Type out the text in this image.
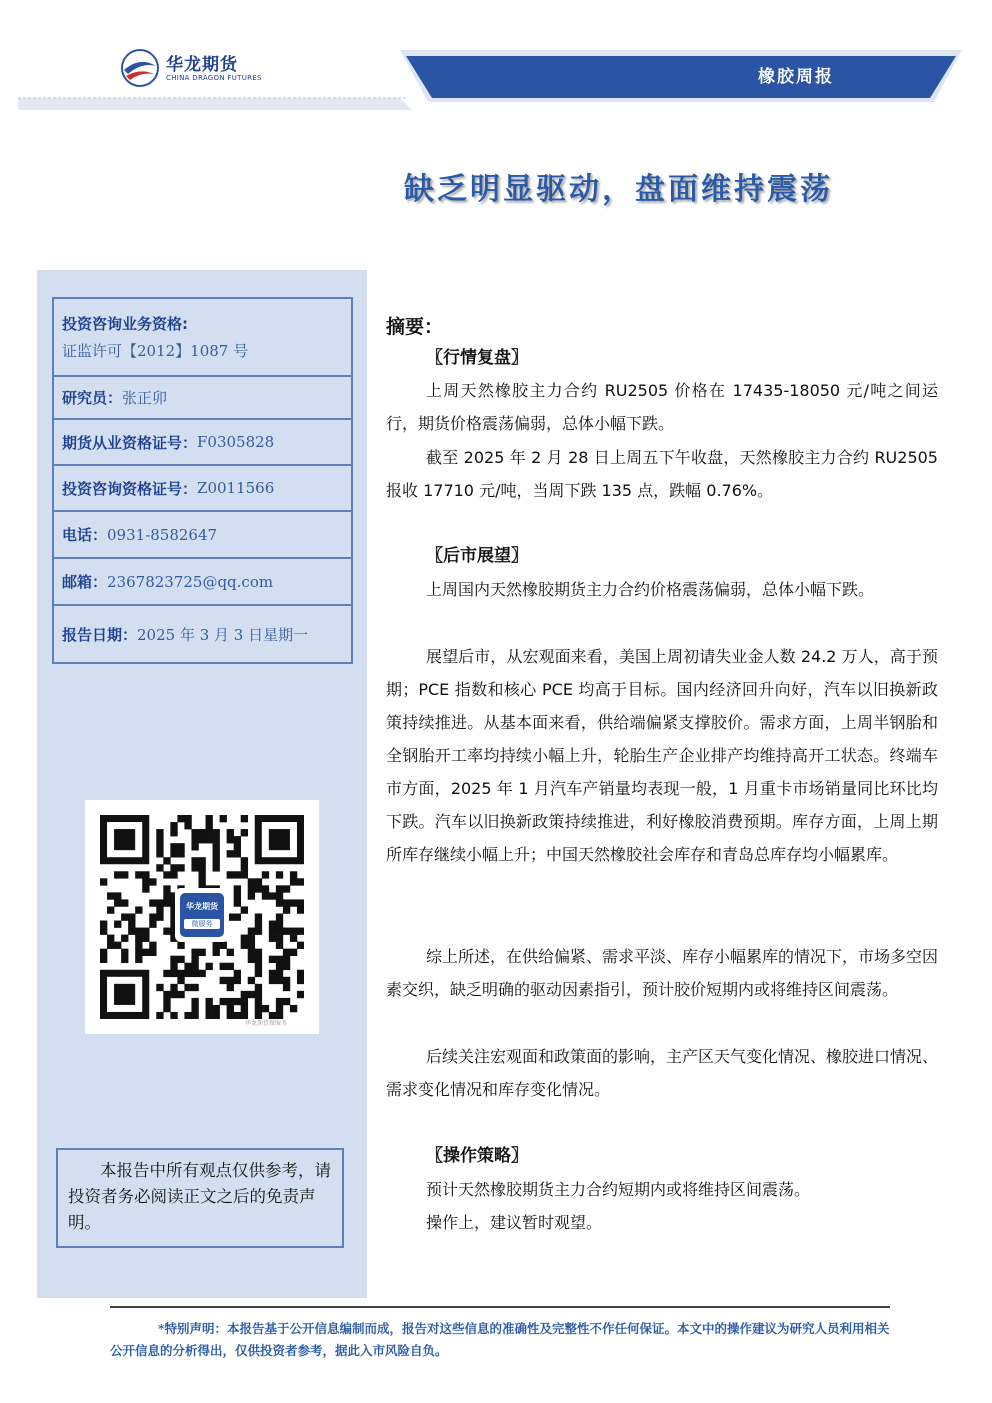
华龙期货
CHINA DRAGON FUTURES	橡胶周报
缺乏明显驱动，盘面维持震荡
投资咨询业务资格:
证监许可【2012】1087 号
研究员： 张正卯
期货从业资格证号： F0305828
投资咨询资格证号： Z0011566
电话： 0931-8582647
邮箱： 2367823725@qq.com
报告日期： 2025 年 3 月 3 日星期一
华龙期货
微服务
华龙期货微服务
本报告中所有观点仅供参考，请投资者务必阅读正文之后的免责声明。
摘要：
〖行情复盘〗

上周天然橡胶主力合约 RU2505 价格在 17435-18050 元/吨之间运行，期货价格震荡偏弱，总体小幅下跌。

截至 2025 年 2 月 28 日上周五下午收盘，天然橡胶主力合约 RU2505 报收 17710 元/吨，当周下跌 135 点，跌幅 0.76%。

〖后市展望〗

上周国内天然橡胶期货主力合约价格震荡偏弱，总体小幅下跌。

展望后市，从宏观面来看，美国上周初请失业金人数 24.2 万人，高于预期；PCE 指数和核心 PCE 均高于目标。国内经济回升向好，汽车以旧换新政策持续推进。从基本面来看，供给端偏紧支撑胶价。需求方面，上周半钢胎和全钢胎开工率均持续小幅上升，轮胎生产企业排产均维持高开工状态。终端车市方面，2025 年 1 月汽车产销量均表现一般，1 月重卡市场销量同比环比均下跌。汽车以旧换新政策持续推进，利好橡胶消费预期。库存方面，上周上期所库存继续小幅上升；中国天然橡胶社会库存和青岛总库存均小幅累库。

综上所述，在供给偏紧、需求平淡、库存小幅累库的情况下，市场多空因素交织，缺乏明确的驱动因素指引，预计胶价短期内或将维持区间震荡。

后续关注宏观面和政策面的影响，主产区天气变化情况、橡胶进口情况、需求变化情况和库存变化情况。

〖操作策略〗

预计天然橡胶期货主力合约短期内或将维持区间震荡。

操作上，建议暂时观望。

*特别声明：本报告基于公开信息编制而成，报告对这些信息的准确性及完整性不作任何保证。本文中的操作建议为研究人员利用相关公开信息的分析得出，仅供投资者参考，据此入市风险自负。
